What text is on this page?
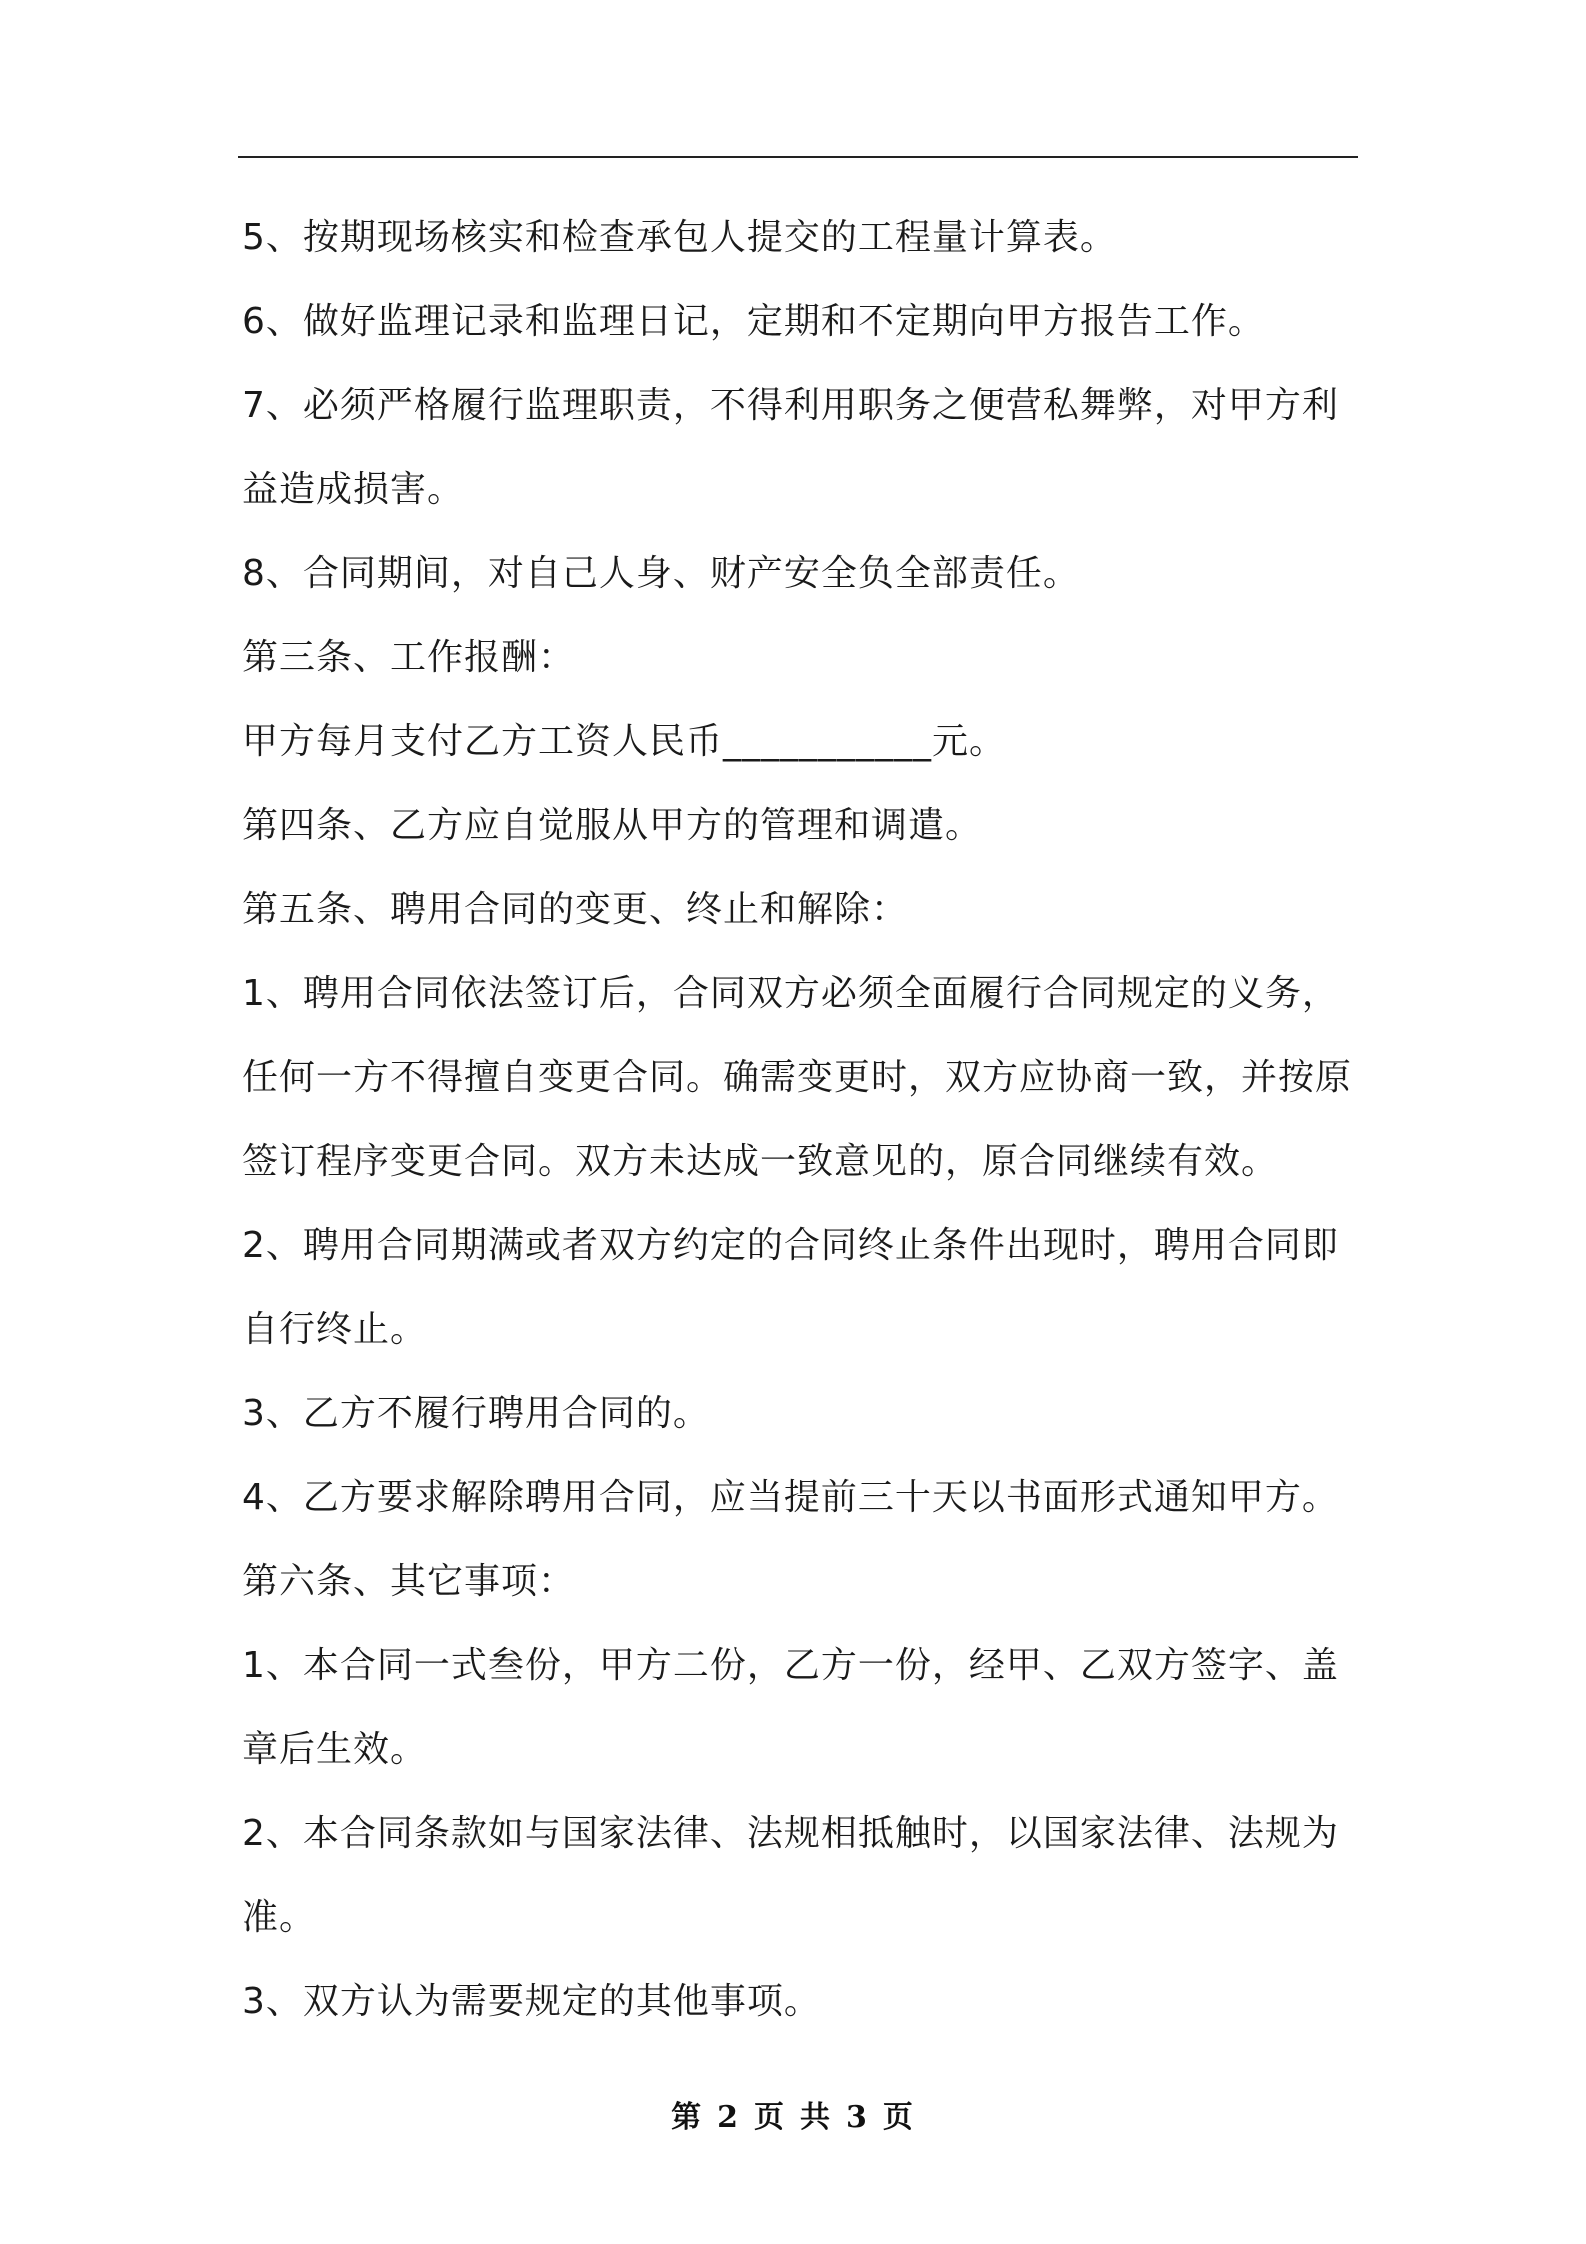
5、按期现场核实和检查承包人提交的工程量计算表。
6、做好监理记录和监理日记，定期和不定期向甲方报告工作。
7、必须严格履行监理职责，不得利用职务之便营私舞弊，对甲方利
益造成损害。
8、合同期间，对自己人身、财产安全负全部责任。
第三条、工作报酬：
甲方每月支付乙方工资人民币___________元。
第四条、乙方应自觉服从甲方的管理和调遣。
第五条、聘用合同的变更、终止和解除：
1、聘用合同依法签订后，合同双方必须全面履行合同规定的义务，
任何一方不得擅自变更合同。确需变更时，双方应协商一致，并按原
签订程序变更合同。双方未达成一致意见的，原合同继续有效。
2、聘用合同期满或者双方约定的合同终止条件出现时，聘用合同即
自行终止。
3、乙方不履行聘用合同的。
4、乙方要求解除聘用合同，应当提前三十天以书面形式通知甲方。
第六条、其它事项：
1、本合同一式叁份，甲方二份，乙方一份，经甲、乙双方签字、盖
章后生效。
2、本合同条款如与国家法律、法规相抵触时，以国家法律、法规为
准。
3、双方认为需要规定的其他事项。
第 2 页 共 3 页
